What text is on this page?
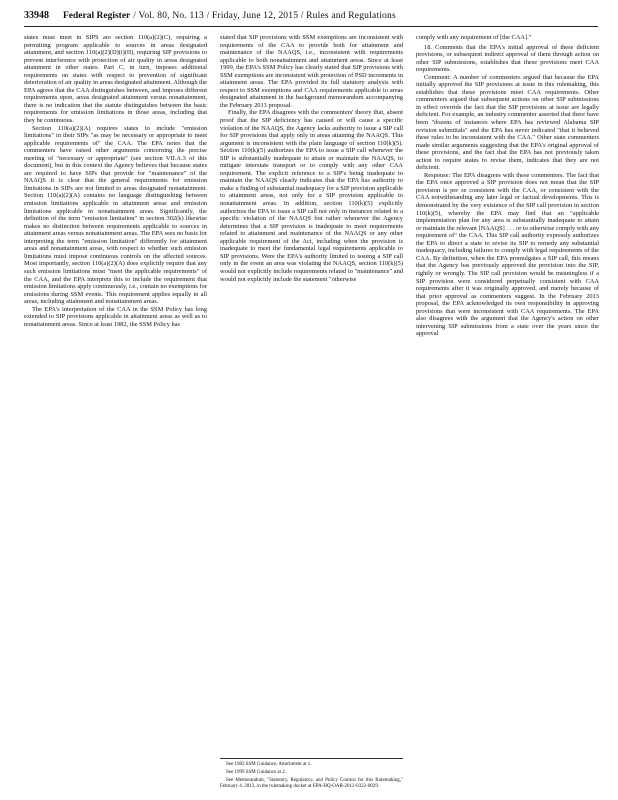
33948 Federal Register / Vol. 80, No. 113 / Friday, June 12, 2015 / Rules and Regulations

states must meet in SIPS are section 110(a)(2)(C), requiring a permitting program applicable to sources in areas designated attainment, and section 110(a)(2)(D)(i)(II), requiring SIP provisions to prevent interference with protection of air quality in areas designated attainment in other states. Part C, in turn, imposes additional requirements on states with respect to prevention of significant deterioration of air quality in areas designated attainment. Although the EPA agrees that the CAA distinguishes between, and imposes different requirements upon, areas designated attainment versus nonattainment, there is no indication that the statute distinguishes between the basic requirements for emission limitations in those areas, including that they be continuous.

Section 110(a)(2)(A) requires states to include "emission limitations" in their SIPs "as may be necessary or appropriate to meet applicable requirements of" the CAA. The EPA notes that the commenters have raised other arguments concerning the precise meeting of "necessary or appropriate" (see section VII.A.3 of this document), but in this context the Agency believes that because states are required to have SIPs that provide for "maintenance" of the NAAQS it is clear that the general requirements for emission limitations in SIPs are not limited to areas designated nonattainment. Section 110(a)(2)(A) contains no language distinguishing between emission limitations applicable in attainment areas and emission limitations applicable in nonattainment areas. Significantly, the definition of the term "emission limitation" in section 302(k) likewise makes no distinction between requirements applicable to sources in attainment areas versus nonattainment areas. The EPA sees no basis for interpreting the term "emission limitation" differently for attainment areas and nonattainment areas, with respect to whether such emission limitations must impose continuous controls on the affected sources. Most importantly, section 110(a)(2)(A) does explicitly require that any such emission limitations must "meet the applicable requirements" of the CAA, and the EPA interprets this to include the requirement that emission limitations apply continuously, i.e., contain no exemptions for emissions during SSM events. This requirement applies equally in all areas, including attainment and nonattainment areas.

The EPA's interpretation of the CAA in the SSM Policy has long extended to SIP provisions applicable in attainment areas as well as to nonattainment areas. Since at least 1982, the SSM Policy has

stated that SIP provisions with SSM exemptions are inconsistent with requirements of the CAA to provide both for attainment and maintenance of the NAAQS, i.e., inconsistent with requirements applicable to both nonattainment and attainment areas. Since at least 1999, the EPA's SSM Policy has clearly stated that SIP provisions with SSM exemptions are inconsistent with protection of PSD increments in attainment areas. The EPA provided its full statutory analysis with respect to SSM exemptions and CAA requirements applicable to areas designated attainment in the background memorandum accompanying the February 2013 proposal.

Finally, the EPA disagrees with the commenters' theory that, absent proof that the SIP deficiency has caused or will cause a specific violation of the NAAQS, the Agency lacks authority to issue a SIP call for SIP provisions that apply only in areas attaining the NAAQS. This argument is inconsistent with the plain language of section 110(k)(5). Section 110(k)(5) authorizes the EPA to issue a SIP call whenever the SIP is substantially inadequate to attain or maintain the NAAQS, to mitigate interstate transport or to comply with any other CAA requirement. The explicit reference to a SIP's being inadequate to maintain the NAAQS clearly indicates that the EPA has authority to make a finding of substantial inadequacy for a SIP provision applicable to attainment areas, not only for a SIP provision applicable to nonattainment areas. In addition, section 110(k)(5) explicitly authorizes the EPA to issue a SIP call not only in instances related to a specific violation of the NAAQS but rather whenever the Agency determines that a SIP provision is inadequate to meet requirements related to attainment and maintenance of the NAAQS or any other applicable requirement of the Act, including when the provision is inadequate to meet the fundamental legal requirements applicable to SIP provisions. Were the EPA's authority limited to issuing a SIP call only in the event an area was violating the NAAQS, section 110(k)(5) would not explicitly include requirements related to "maintenance" and would not explicitly include the statement "otherwise

See 1982 SSM Guidance, Attachment at 1.

See 1999 SSM Guidance at 2.

See Memorandum, "Statutory, Regulatory, and Policy Context for this Rulemaking," February 4, 2013, in the rulemaking docket at EPA-HQ-OAR-2012-0322-0029.

comply with any requirement of [the CAA]."

18. Comments that the EPA's initial approval of these deficient provisions, or subsequent indirect approval of them through action on other SIP submissions, establishes that these provisions meet CAA requirements.

Comment: A number of commenters argued that because the EPA initially approved the SIP provisions at issue in this rulemaking, this establishes that these provisions meet CAA requirements. Other commenters argued that subsequent actions on other SIP submissions in effect override the fact that the SIP provisions at issue are legally deficient. For example, an industry commenter asserted that there have been "dozens of instances where EPA has reviewed Alabama SIP revision submittals" and the EPA has never indicated "that it believed these rules to be inconsistent with the CAA." Other state commenters made similar arguments suggesting that the EPA's original approval of these provisions, and the fact that the EPA has not previously taken action to require states to revise them, indicates that they are not deficient.

Response: The EPA disagrees with these commenters. The fact that the EPA once approved a SIP provision does not mean that the SIP provision is per se consistent with the CAA, or consistent with the CAA notwithstanding any later legal or factual developments. This is demonstrated by the very existence of the SIP call provision in section 110(k)(5), whereby the EPA may find that an "applicable implementation plan for any area is substantially inadequate to attain or maintain the relevant [NAAQS] . . . or to otherwise comply with any requirement of" the CAA. This SIP call authority expressly authorizes the EPA to direct a state to revise its SIP to remedy any substantial inadequacy, including failures to comply with legal requirements of the CAA. By definition, when the EPA promulgates a SIP call, this means that the Agency has previously approved the provision into the SIP, rightly or wrongly. The SIP call provision would be meaningless if a SIP provision were considered perpetually consistent with CAA requirements after it was originally approved, and merely because of that prior approval as commenters suggest. In the February 2013 proposal, the EPA acknowledged its own responsibility in approving provisions that were inconsistent with CAA requirements. The EPA also disagrees with the argument that the Agency's action on other intervening SIP submissions from a state over the years since the approval
